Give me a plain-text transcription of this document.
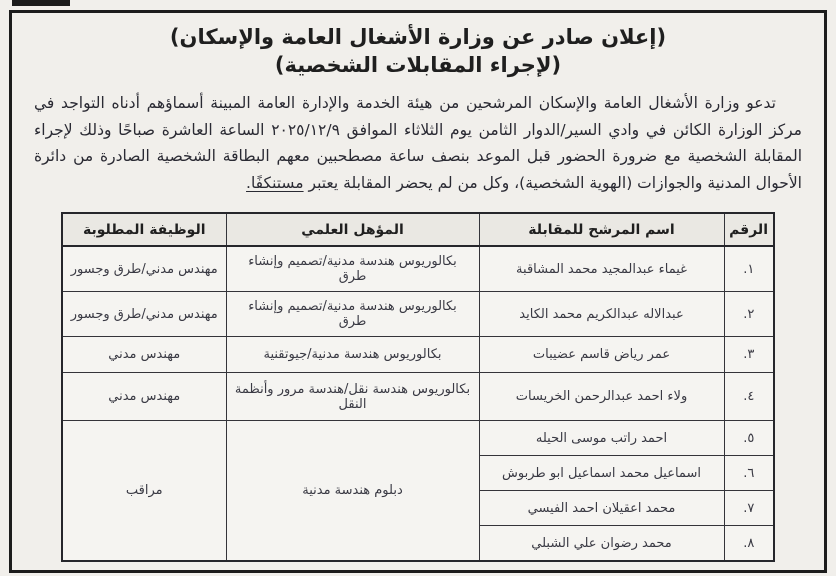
(إعلان صادر عن وزارة الأشغال العامة والإسكان)
(لإجراء المقابلات الشخصية)

تدعو وزارة الأشغال العامة والإسكان المرشحين من هيئة الخدمة والإدارة العامة المبينة أسماؤهم أدناه التواجد في مركز الوزارة الكائن في وادي السير/الدوار الثامن يوم الثلاثاء الموافق ٢٠٢٥/١٢/٩ الساعة العاشرة صباحًا وذلك لإجراء المقابلة الشخصية مع ضرورة الحضور قبل الموعد بنصف ساعة مصطحبين معهم البطاقة الشخصية الصادرة من دائرة الأحوال المدنية والجوازات (الهوية الشخصية)، وكل من لم يحضر المقابلة يعتبر مستنكفًا.

الرقم	اسم المرشح للمقابلة	المؤهل العلمي	الوظيفة المطلوبة
١.	غيماء عبدالمجيد محمد المشاقبة	بكالوريوس هندسة مدنية/تصميم وإنشاء طرق	مهندس مدني/طرق وجسور
٢.	عبدالاله عبدالكريم محمد الكايد	بكالوريوس هندسة مدنية/تصميم وإنشاء طرق	مهندس مدني/طرق وجسور
٣.	عمر رياض قاسم عضيبات	بكالوريوس هندسة مدنية/جيوتقنية	مهندس مدني
٤.	ولاء احمد عبدالرحمن الخريسات	بكالوريوس هندسة نقل/هندسة مرور وأنظمة النقل	مهندس مدني
٥.	احمد راتب موسى الحيله	دبلوم هندسة مدنية	مراقب
٦.	اسماعيل محمد اسماعيل ابو طربوش		
٧.	محمد اعقيلان احمد الفيسي		
٨.	محمد رضوان علي الشبلي		
